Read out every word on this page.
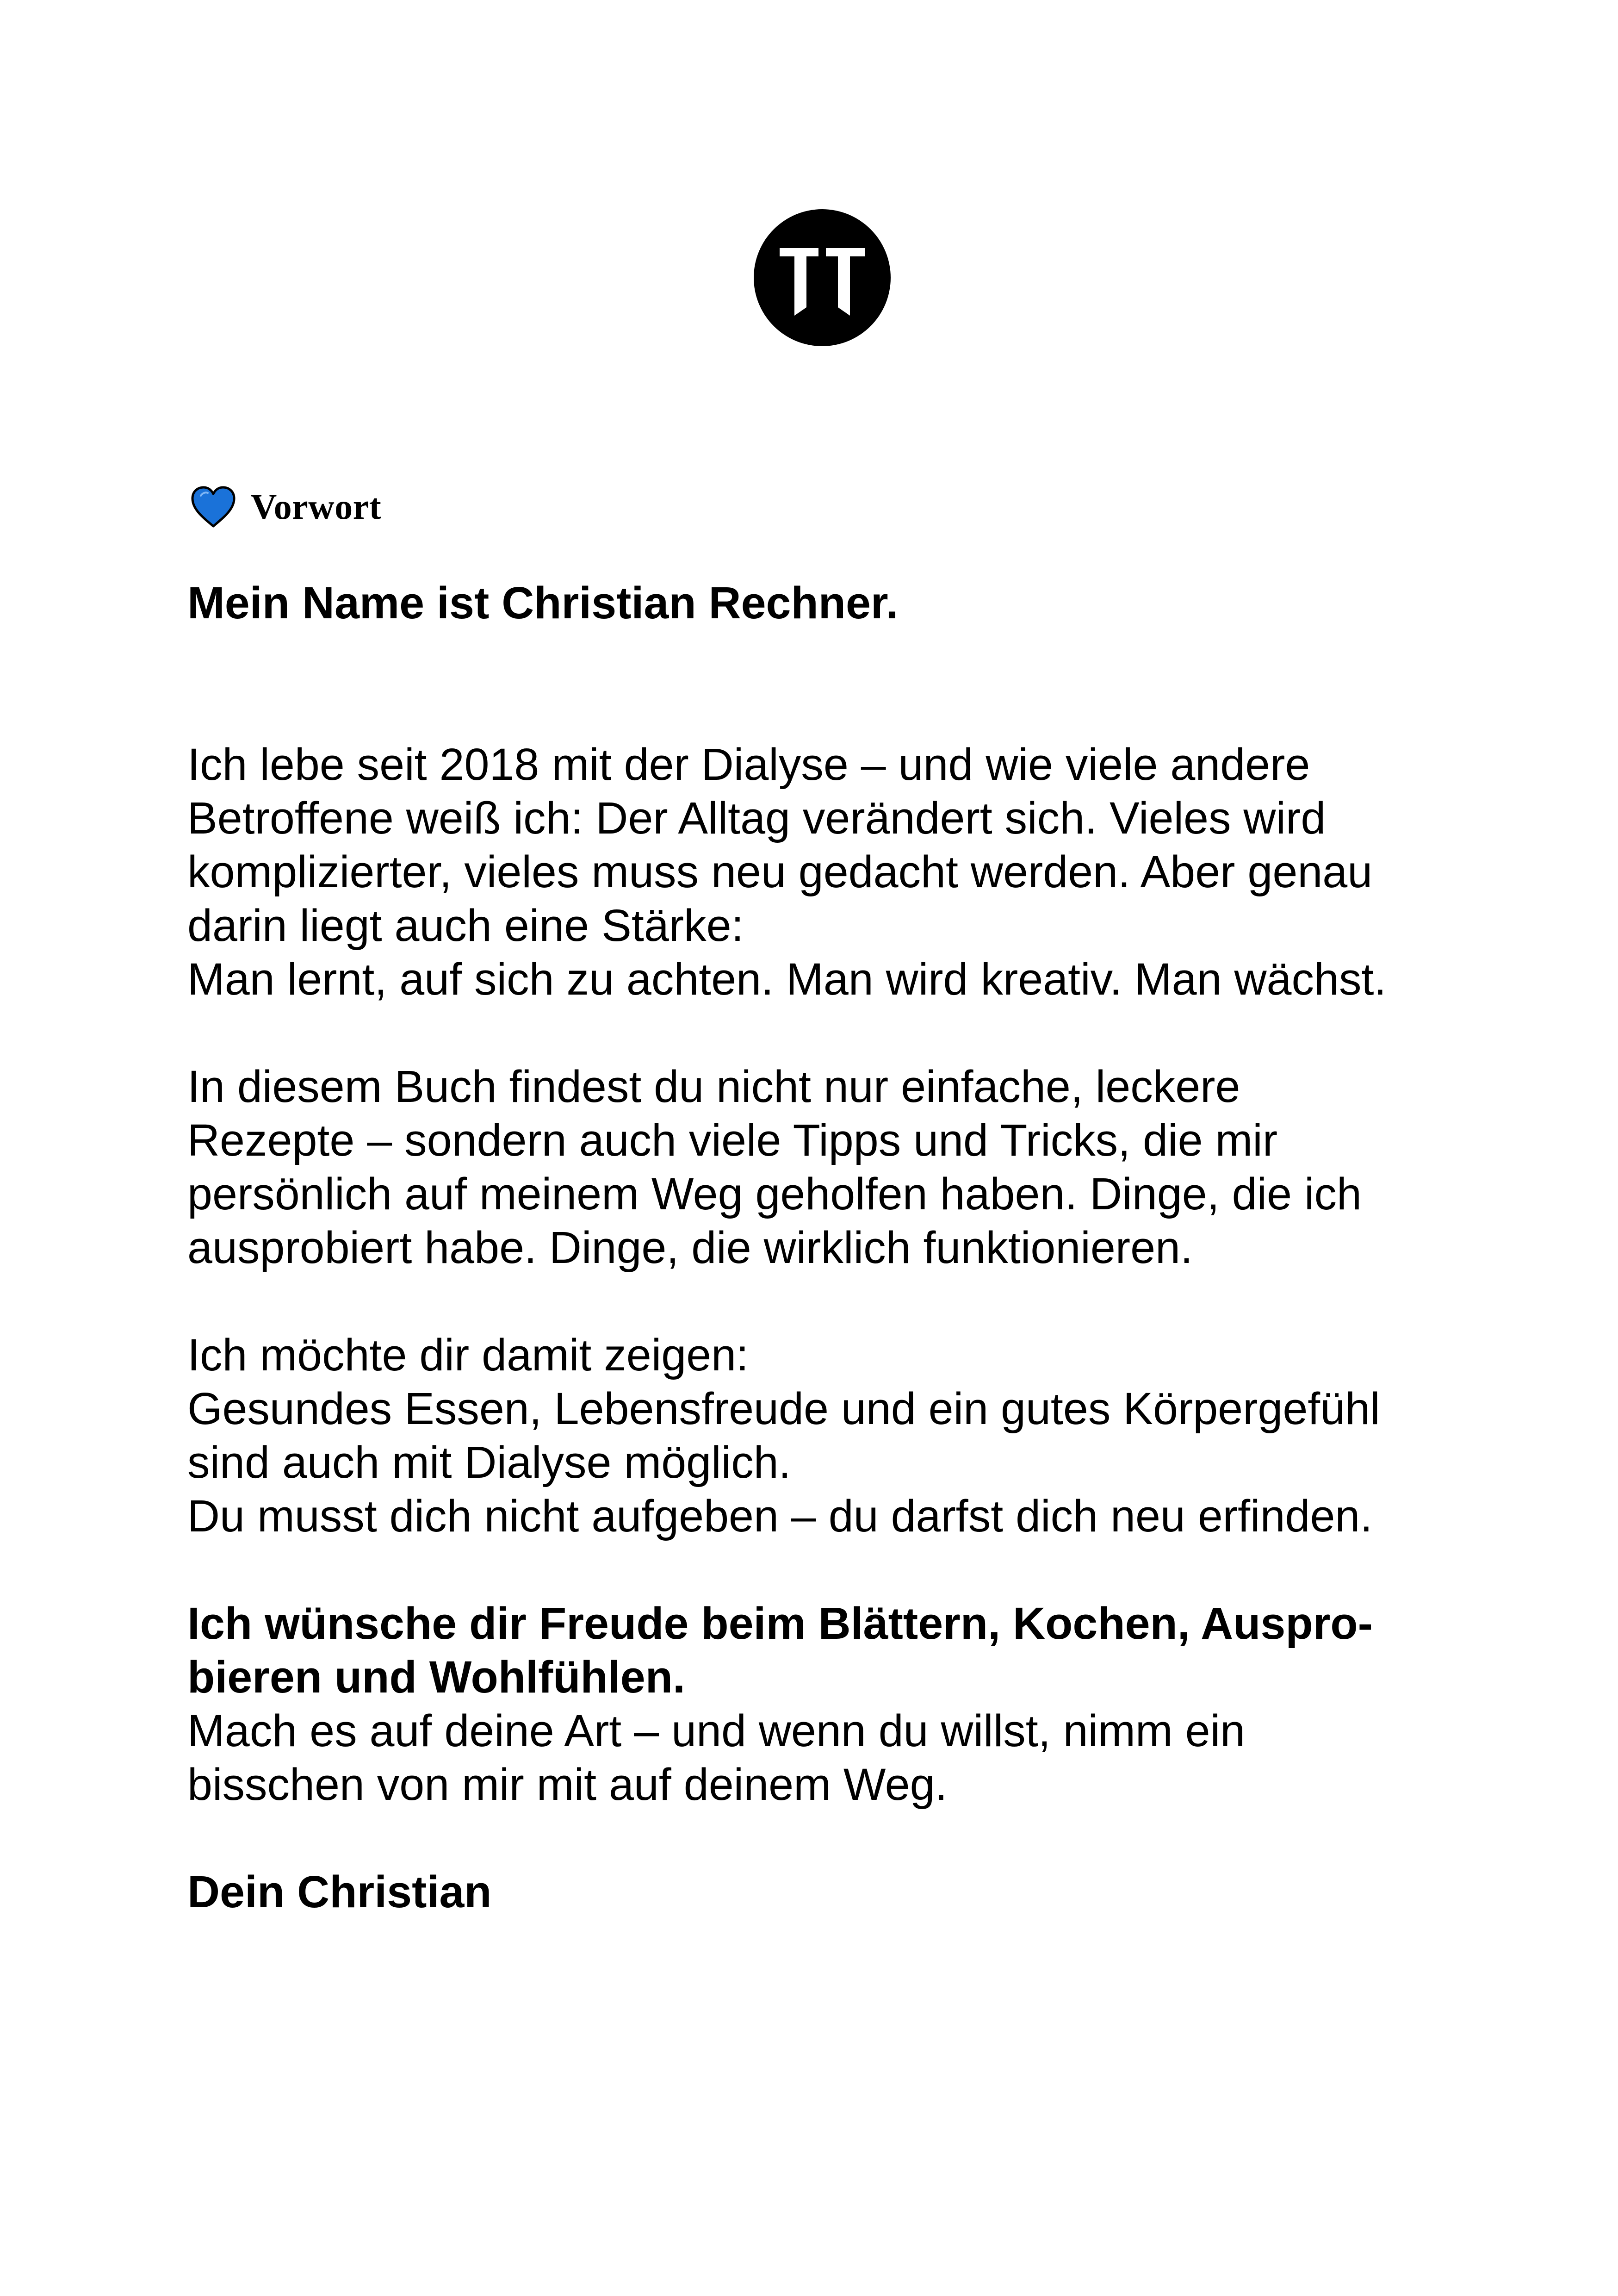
Vorwort
Mein Name ist Christian Rechner.
Ich lebe seit 2018 mit der Dialyse – und wie viele andere
Betroffene weiß ich: Der Alltag verändert sich. Vieles wird
komplizierter, vieles muss neu gedacht werden. Aber genau
darin liegt auch eine Stärke:
Man lernt, auf sich zu achten. Man wird kreativ. Man wächst.
In diesem Buch findest du nicht nur einfache, leckere
Rezepte – sondern auch viele Tipps und Tricks, die mir
persönlich auf meinem Weg geholfen haben. Dinge, die ich
ausprobiert habe. Dinge, die wirklich funktionieren.
Ich möchte dir damit zeigen:
Gesundes Essen, Lebensfreude und ein gutes Körpergefühl
sind auch mit Dialyse möglich.
Du musst dich nicht aufgeben – du darfst dich neu erfinden.
Ich wünsche dir Freude beim Blättern, Kochen, Auspro-
bieren und Wohlfühlen.
Mach es auf deine Art – und wenn du willst, nimm ein
bisschen von mir mit auf deinem Weg.
Dein Christian
